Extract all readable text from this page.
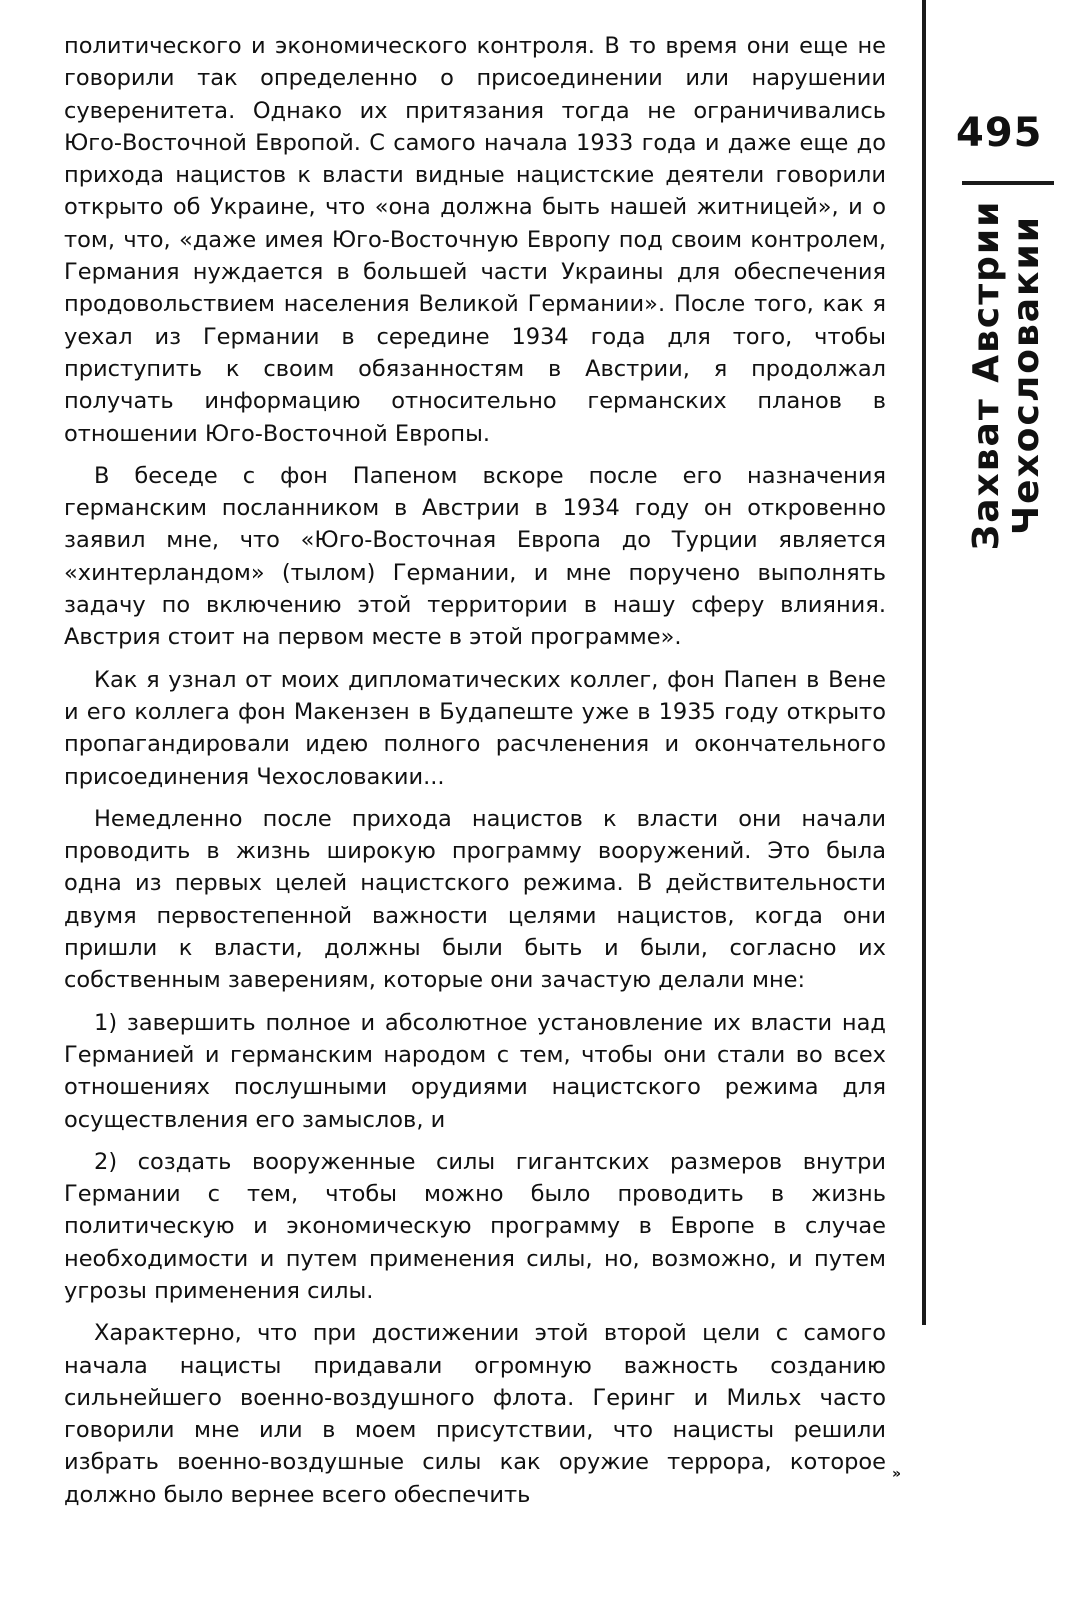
политического и экономического контроля. В то время они еще не говорили так определенно о присоединении или нарушении суверенитета. Однако их притязания тогда не ограничивались Юго-Восточной Европой. С самого начала 1933 года и даже еще до прихода нацистов к власти видные нацистские деятели говорили открыто об Украине, что «она должна быть нашей житницей», и о том, что, «даже имея Юго-Восточную Европу под своим контролем, Германия нуждается в большей части Украины для обеспечения продовольствием населения Великой Германии». После того, как я уехал из Германии в середине 1934 года для того, чтобы приступить к своим обязанностям в Австрии, я продолжал получать информацию относительно германских планов в отношении Юго-Восточной Европы.

В беседе с фон Папеном вскоре после его назначения германским посланником в Австрии в 1934 году он откровенно заявил мне, что «Юго-Восточная Европа до Турции является «хинтерландом» (тылом) Германии, и мне поручено выполнять задачу по включению этой территории в нашу сферу влияния. Австрия стоит на первом месте в этой программе».

Как я узнал от моих дипломатических коллег, фон Папен в Вене и его коллега фон Макензен в Будапеште уже в 1935 году открыто пропагандировали идею полного расчленения и окончательного присоединения Чехословакии...

Немедленно после прихода нацистов к власти они начали проводить в жизнь широкую программу вооружений. Это была одна из первых целей нацистского режима. В действительности двумя первостепенной важности целями нацистов, когда они пришли к власти, должны были быть и были, согласно их собственным заверениям, которые они зачастую делали мне:

1) завершить полное и абсолютное установление их власти над Германией и германским народом с тем, чтобы они стали во всех отношениях послушными орудиями нацистского режима для осуществления его замыслов, и

2) создать вооруженные силы гигантских размеров внутри Германии с тем, чтобы можно было проводить в жизнь политическую и экономическую программу в Европе в случае необходимости и путем применения силы, но, возможно, и путем угрозы применения силы.

Характерно, что при достижении этой второй цели с самого начала нацисты придавали огромную важность созданию сильнейшего военно-воздушного флота. Геринг и Мильх часто говорили мне или в моем присутствии, что нацисты решили избрать военно-воздушные силы как оружие террора, которое должно было вернее всего обеспечить

495
Захват Австрии Чехословакии
»
